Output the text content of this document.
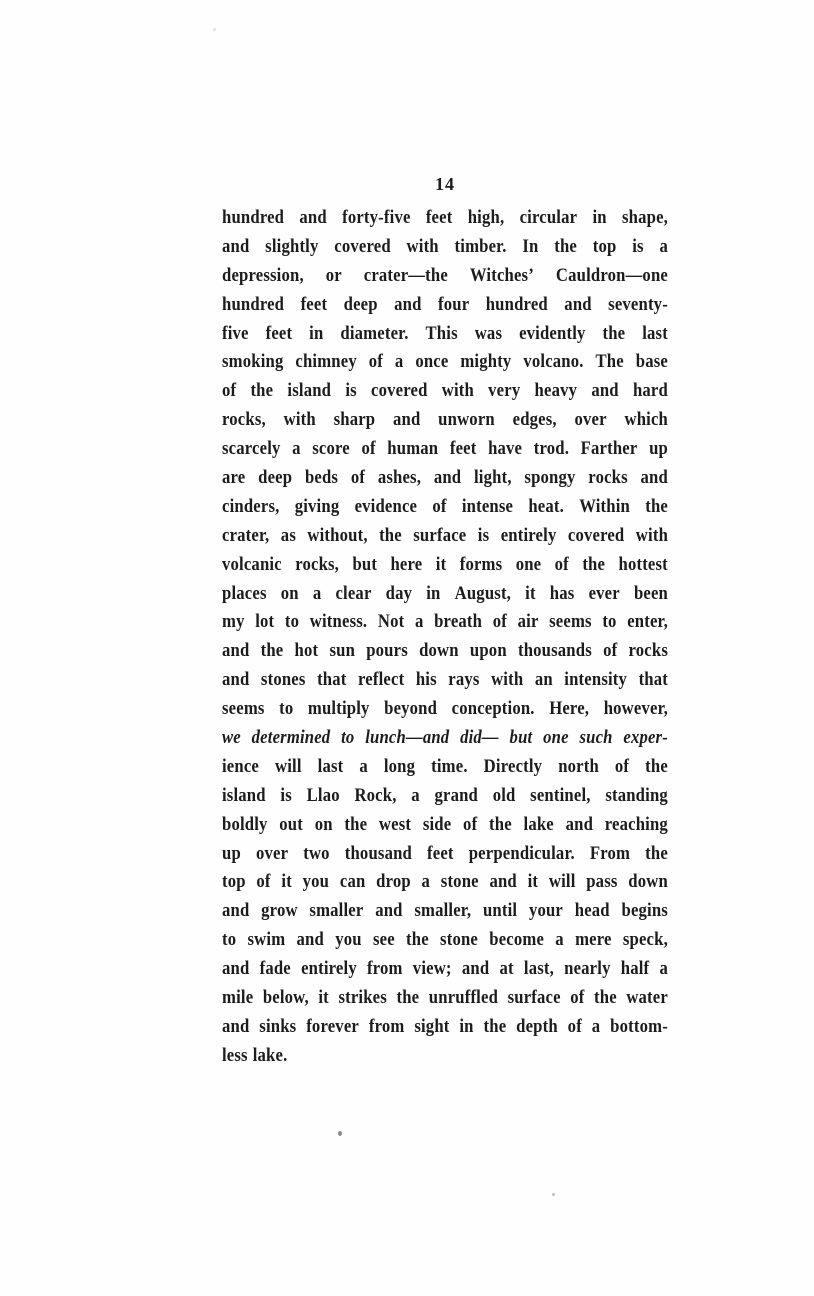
14
hundred and forty-five feet high, circular in shape,
and slightly covered with timber. In the top is a
depression, or crater—the Witches’ Cauldron—one
hundred feet deep and four hundred and seventy-
five feet in diameter. This was evidently the last
smoking chimney of a once mighty volcano. The base
of the island is covered with very heavy and hard
rocks, with sharp and unworn edges, over which
scarcely a score of human feet have trod. Farther up
are deep beds of ashes, and light, spongy rocks and
cinders, giving evidence of intense heat. Within the
crater, as without, the surface is entirely covered with
volcanic rocks, but here it forms one of the hottest
places on a clear day in August, it has ever been
my lot to witness. Not a breath of air seems to enter,
and the hot sun pours down upon thousands of rocks
and stones that reflect his rays with an intensity that
seems to multiply beyond conception. Here, however,
we determined to lunch—and did— but one such exper-
ience will last a long time. Directly north of the
island is Llao Rock, a grand old sentinel, standing
boldly out on the west side of the lake and reaching
up over two thousand feet perpendicular. From the
top of it you can drop a stone and it will pass down
and grow smaller and smaller, until your head begins
to swim and you see the stone become a mere speck,
and fade entirely from view; and at last, nearly half a
mile below, it strikes the unruffled surface of the water
and sinks forever from sight in the depth of a bottom-
less lake.
